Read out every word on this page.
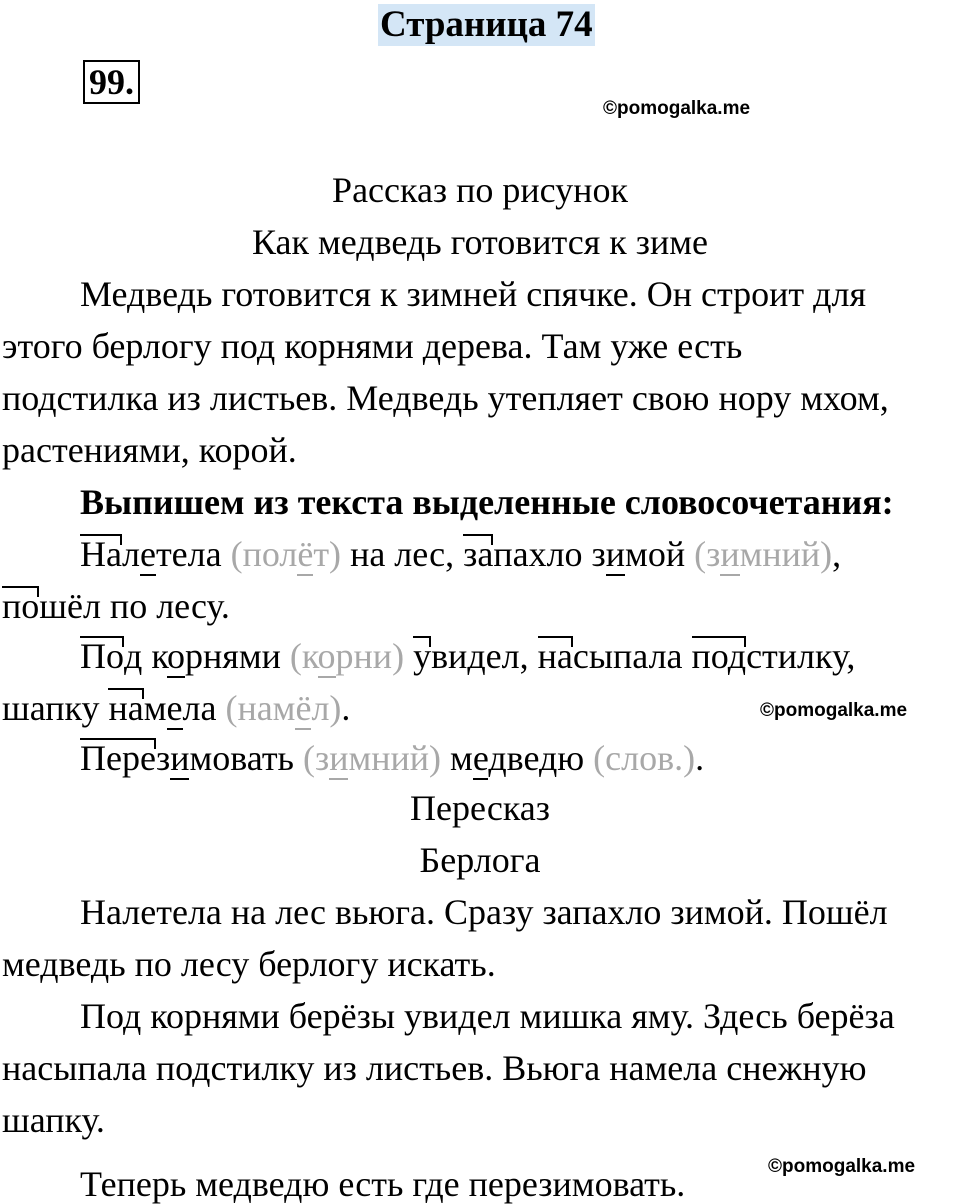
Страница 74
99.
©pomogalka.me
Рассказ по рисунок
Как медведь готовится к зиме
Медведь готовится к зимней спячке. Он строит для
этого берлогу под корнями дерева. Там уже есть
подстилка из листьев. Медведь утепляет свою нору мхом,
растениями, корой.
Выпишем из текста выделенные словосочетания:
Налетела (полёт) на лес, запахло зимой (зимний),
пошёл по лесу.
Под корнями (корни) увидел, насыпала подстилку,
шапку намела (намёл).	©pomogalka.me
Перезимовать (зимний) медведю (слов.).
Пересказ
Берлога
Налетела на лес вьюга. Сразу запахло зимой. Пошёл
медведь по лесу берлогу искать.
Под корнями берёзы увидел мишка яму. Здесь берёза
насыпала подстилку из листьев. Вьюга намела снежную
шапку.
Теперь медведю есть где перезимовать.	©pomogalka.me
